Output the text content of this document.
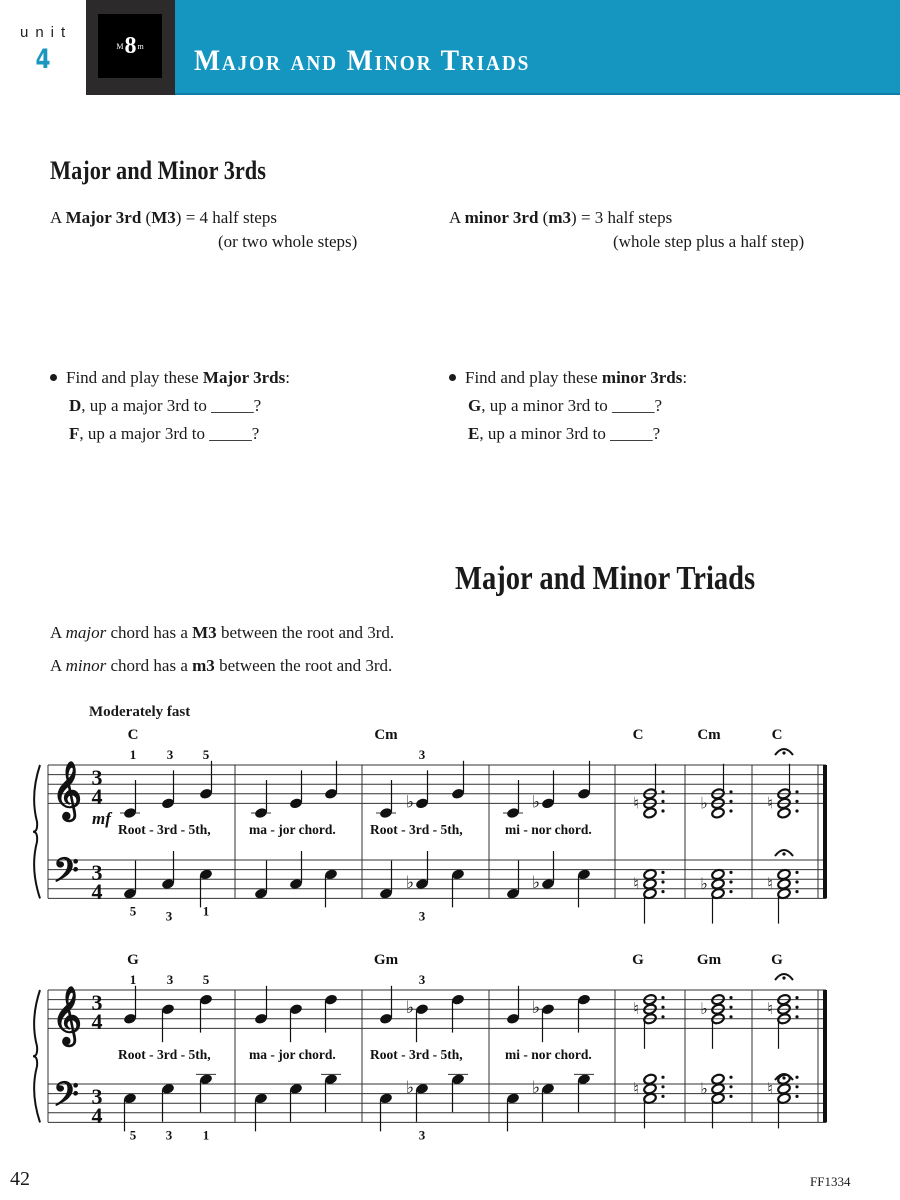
unit
4	M 8 m Major and Minor Triads
Major and Minor 3rds
A Major 3rd (M3) = 4 half steps
(or two whole steps)
A minor 3rd (m3) = 3 half steps
(whole step plus a half step)
Find and play these Major 3rds:
D, up a major 3rd to _____?
F, up a major 3rd to _____?
Find and play these minor 3rds:
G, up a minor 3rd to _____?
E, up a minor 3rd to _____?
Major and Minor Triads
A major chord has a M3 between the root and 3rd.
A minor chord has a m3 between the root and 3rd.
Moderately fast
𝄞
𝄢
3
4
3
4
♭
♭
♭
♭
♮
♮
♭
♭
♮
♮
C	Cm	C	Cm	C
1 3 5	3
5 3 1	3
Root - 3rd - 5th,	ma - jor chord.	Root - 3rd - 5th,	mi - nor chord.
𝄞
𝄢
3
4
3
4
♭
♭
♭
♭
♮
♮
♭
♭
♮
♮
G	Gm	G	Gm	G
1 3 5	3
5 3 1	3
Root - 3rd - 5th,	ma - jor chord.	Root - 3rd - 5th,	mi - nor chord.
mf
42	FF1334
